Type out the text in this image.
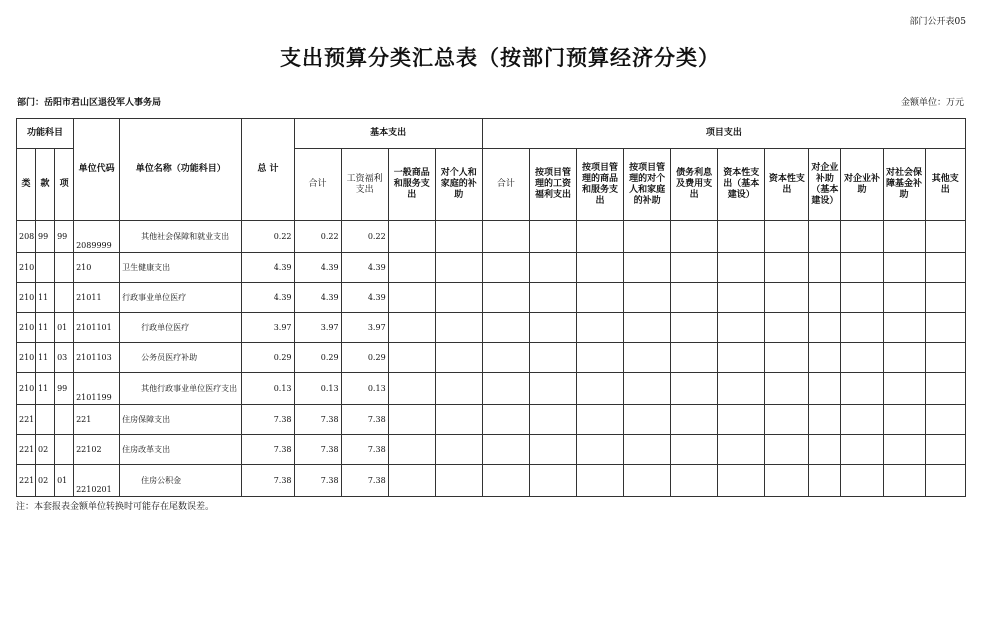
部门公开表05
支出预算分类汇总表（按部门预算经济分类）
部门：岳阳市君山区退役军人事务局	金额单位：万元
功能科目			单位代码	单位名称（功能科目）	总 计	基本支出				项目支出										
类	款	项				合计	工资福利支出	一般商品和服务支出	对个人和家庭的补助	合计	按项目管理的工资福利支出	按项目管理的商品和服务支出	按项目管理的对个人和家庭的补助	债务利息及费用支出	资本性支出（基本建设）	资本性支出	对企业补助（基本建设）	对企业补助	对社会保障基金补助	其他支出
208	99	99	2089999	其他社会保障和就业支出	0.22	0.22	0.22													
210			210	卫生健康支出	4.39	4.39	4.39													
210	11		21011	行政事业单位医疗	4.39	4.39	4.39													
210	11	01	2101101	行政单位医疗	3.97	3.97	3.97													
210	11	03	2101103	公务员医疗补助	0.29	0.29	0.29													
210	11	99	2101199	其他行政事业单位医疗支出	0.13	0.13	0.13													
221			221	住房保障支出	7.38	7.38	7.38													
221	02		22102	住房改革支出	7.38	7.38	7.38													
221	02	01	2210201	住房公积金	7.38	7.38	7.38													
注：本套报表金额单位转换时可能存在尾数误差。
